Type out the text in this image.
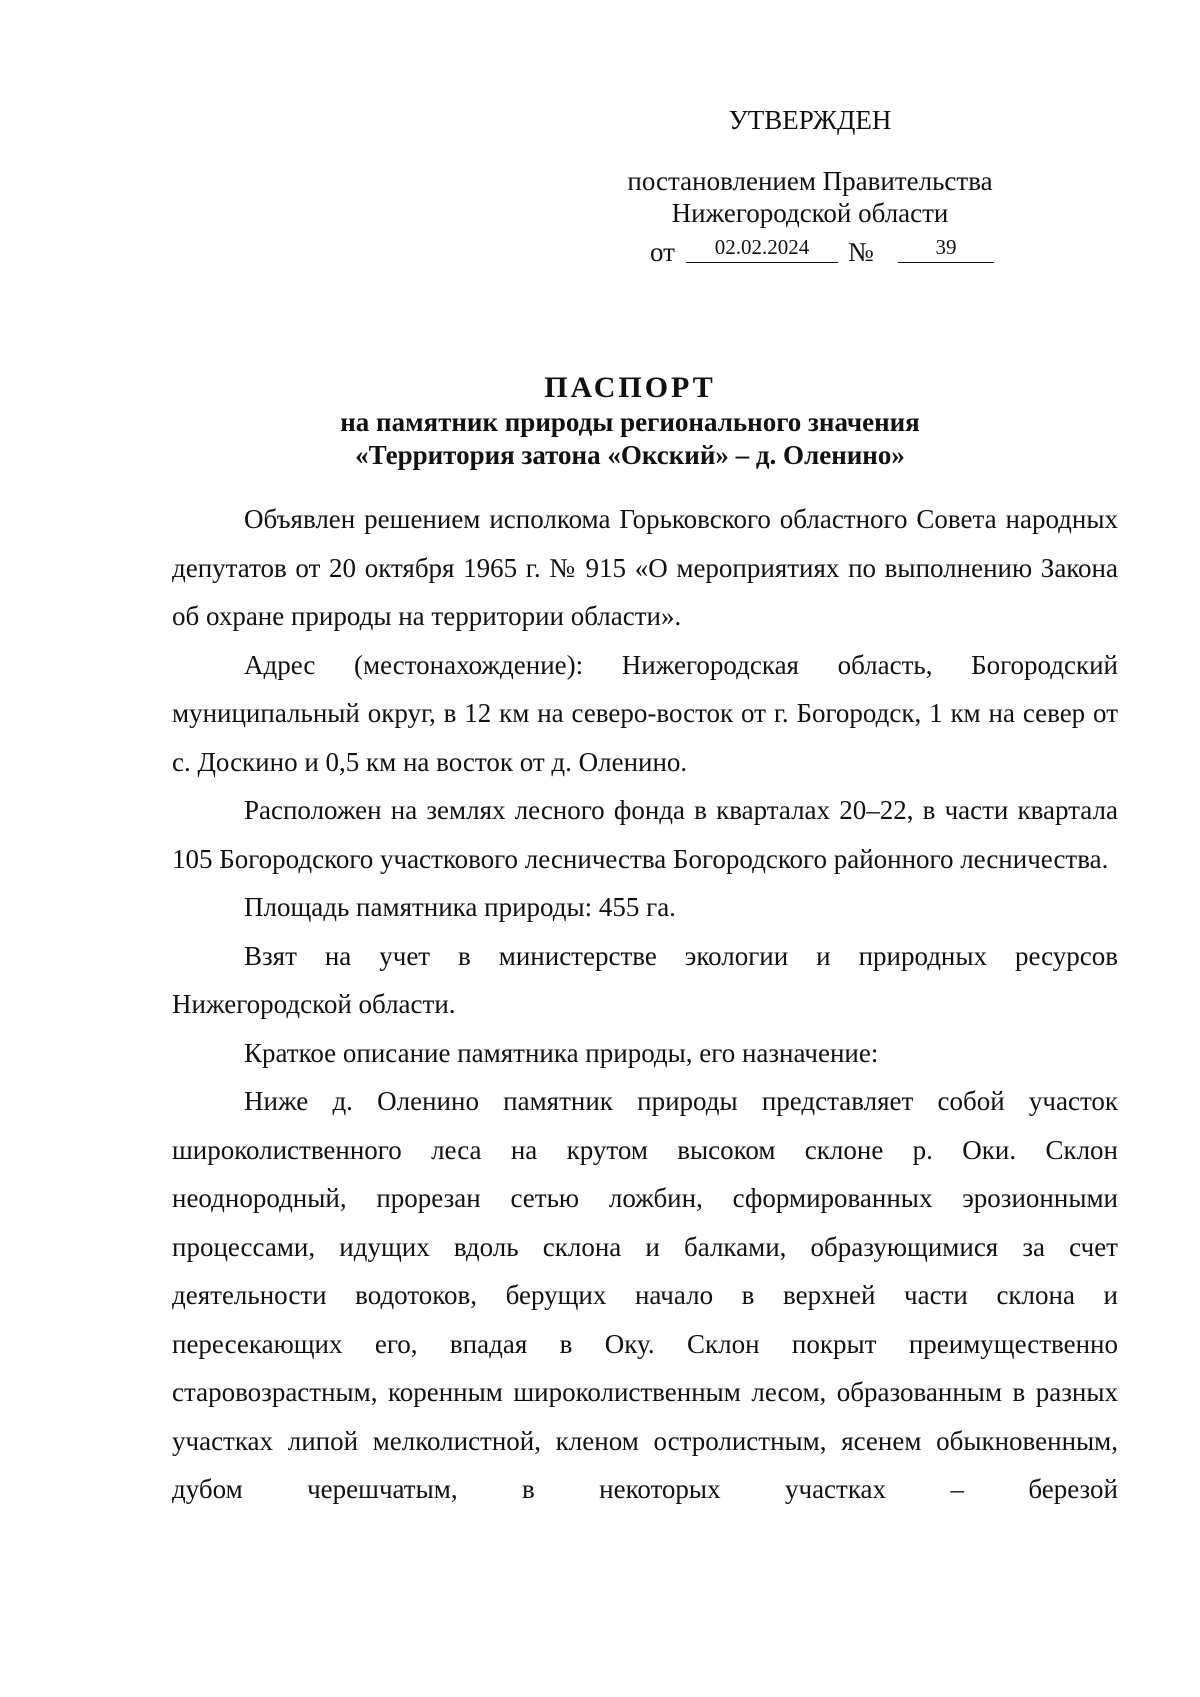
УТВЕРЖДЕН
постановлением Правительства
Нижегородской области
от	02.02.2024	№	39
ПАСПОРТ
на памятник природы регионального значения
«Территория затона «Окский» – д. Оленино»

Объявлен решением исполкома Горьковского областного Совета народных депутатов от 20 октября 1965 г. № 915 «О мероприятиях по выполнению Закона об охране природы на территории области».

Адрес (местонахождение): Нижегородская область, Богородский муниципальный округ, в 12 км на северо-восток от г. Богородск, 1 км на север от с. Доскино и 0,5 км на восток от д. Оленино.

Расположен на землях лесного фонда в кварталах 20–22, в части квартала 105 Богородского участкового лесничества Богородского районного лесничества.

Площадь памятника природы: 455 га.

Взят на учет в министерстве экологии и природных ресурсов Нижегородской области.

Краткое описание памятника природы, его назначение:

Ниже д. Оленино памятник природы представляет собой участок широколиственного леса на крутом высоком склоне р. Оки. Склон неоднородный, прорезан сетью ложбин, сформированных эрозионными процессами, идущих вдоль склона и балками, образующимися за счет деятельности водотоков, берущих начало в верхней части склона и пересекающих его, впадая в Оку. Склон покрыт преимущественно старовозрастным, коренным широколиственным лесом, образованным в разных участках липой мелколистной, кленом остролистным, ясенем обыкновенным, дубом черешчатым, в некоторых участках – березой
